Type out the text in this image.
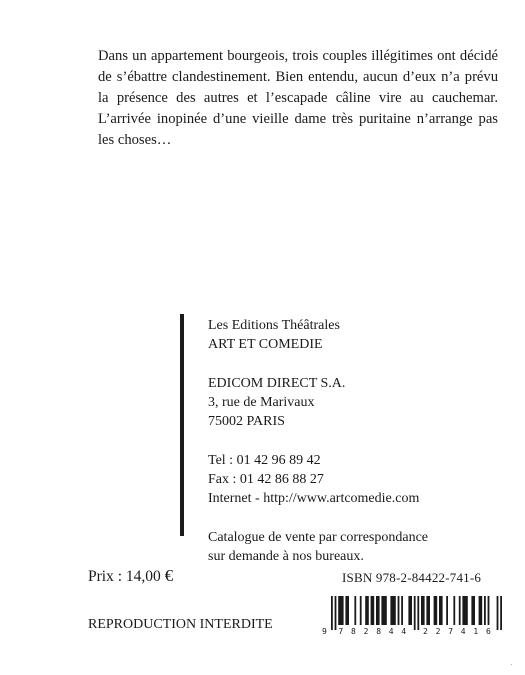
Dans un appartement bourgeois, trois couples illégitimes ont décidé de s’ébattre clandestinement. Bien entendu, aucun d’eux n’a prévu la présence des autres et l’escapade câline vire au cauchemar. L’arrivée inopinée d’une vieille dame très puritaine n’arrange pas les choses…

Les Editions Théâtrales
ART ET COMEDIE
EDICOM DIRECT S.A.
3, rue de Marivaux
75002 PARIS
Tel : 01 42 96 89 42
Fax : 01 42 86 88 27
Internet - http://www.artcomedie.com
Catalogue de vente par correspondance
sur demande à nos bureaux.
Prix : 14,00 €	ISBN 978-2-84422-741-6
9 7 8 2 8 4 4 2 2 7 4 1 6
REPRODUCTION INTERDITE
·
